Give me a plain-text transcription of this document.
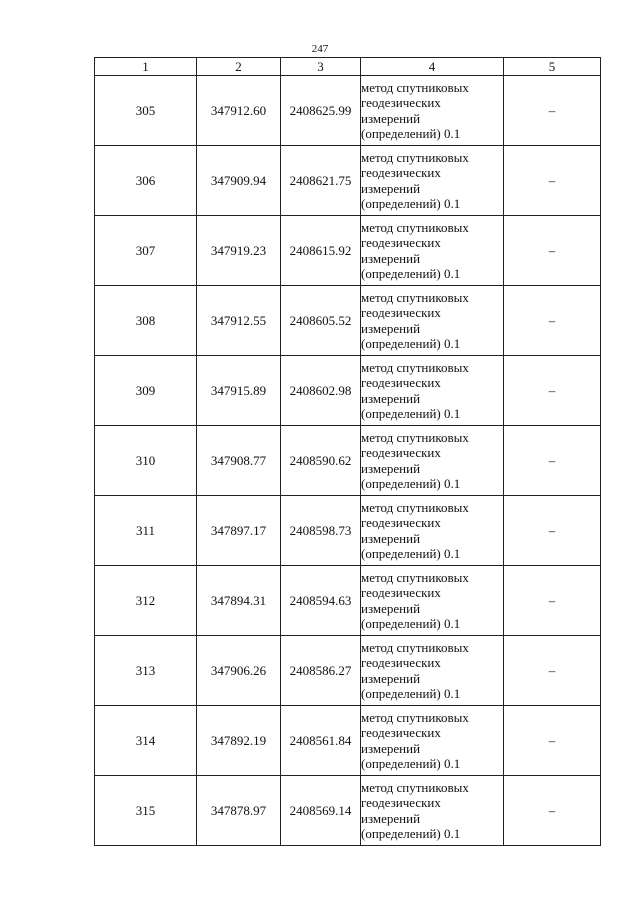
247
1	2	3	4	5
305	347912.60	2408625.99	метод спутниковых
геодезических
измерений
(определений) 0.1	–
306	347909.94	2408621.75	метод спутниковых
геодезических
измерений
(определений) 0.1	–
307	347919.23	2408615.92	метод спутниковых
геодезических
измерений
(определений) 0.1	–
308	347912.55	2408605.52	метод спутниковых
геодезических
измерений
(определений) 0.1	–
309	347915.89	2408602.98	метод спутниковых
геодезических
измерений
(определений) 0.1	–
310	347908.77	2408590.62	метод спутниковых
геодезических
измерений
(определений) 0.1	–
311	347897.17	2408598.73	метод спутниковых
геодезических
измерений
(определений) 0.1	–
312	347894.31	2408594.63	метод спутниковых
геодезических
измерений
(определений) 0.1	–
313	347906.26	2408586.27	метод спутниковых
геодезических
измерений
(определений) 0.1	–
314	347892.19	2408561.84	метод спутниковых
геодезических
измерений
(определений) 0.1	–
315	347878.97	2408569.14	метод спутниковых
геодезических
измерений
(определений) 0.1	–
